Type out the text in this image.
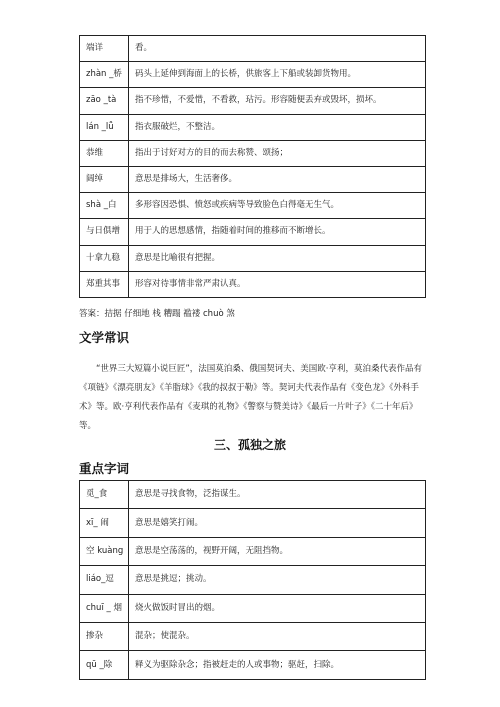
端详	看。
zhàn _桥	码头上延伸到海面上的长桥，供旅客上下船或装卸货物用。
zāo _tà	指不珍惜，不爱惜，不看救，玷污。形容随便丢弃或毁坏，损坏。
lán _lǚ	指衣服破烂，不整洁。
恭维	指出于讨好对方的目的而去称赞、颂扬；
阔绰	意思是排场大，生活奢侈。
shà _白	多形容因恐惧、愤怒或疾病等导致脸色白得毫无生气。
与日俱增	用于人的思想感情，指随着时间的推移而不断增长。
十拿九稳	意思是比喻很有把握。
郑重其事	形容对待事情非常严肃认真。
答案：拮据 仔细地 栈 糟蹋 褴褛 chuò 煞
文学常识

“世界三大短篇小说巨匠”，法国莫泊桑、俄国契诃夫、美国欧·亨利，莫泊桑代表作品有《项链》《漂亮朋友》《羊脂球》《我的叔叔于勒》等。契诃夫代表作品有《变色龙》《外科手术》等。欧·亨利代表作品有《麦琪的礼物》《警察与赞美诗》《最后一片叶子》《二十年后》等。

三、孤独之旅
重点字词
觅_食	意思是寻找食物，泛指谋生。
xī_ 闹	意思是嬉笑打闹。
空 kuàng	意思是空荡荡的，视野开阔，无阻挡物。
liáo_逗	意思是挑逗；挑动。
chuī _ 烟	烧火做饭时冒出的烟。
掺杂	混杂；使混杂。
qū _除	释义为驱除杂念；指被赶走的人或事物；驱赶，扫除。
